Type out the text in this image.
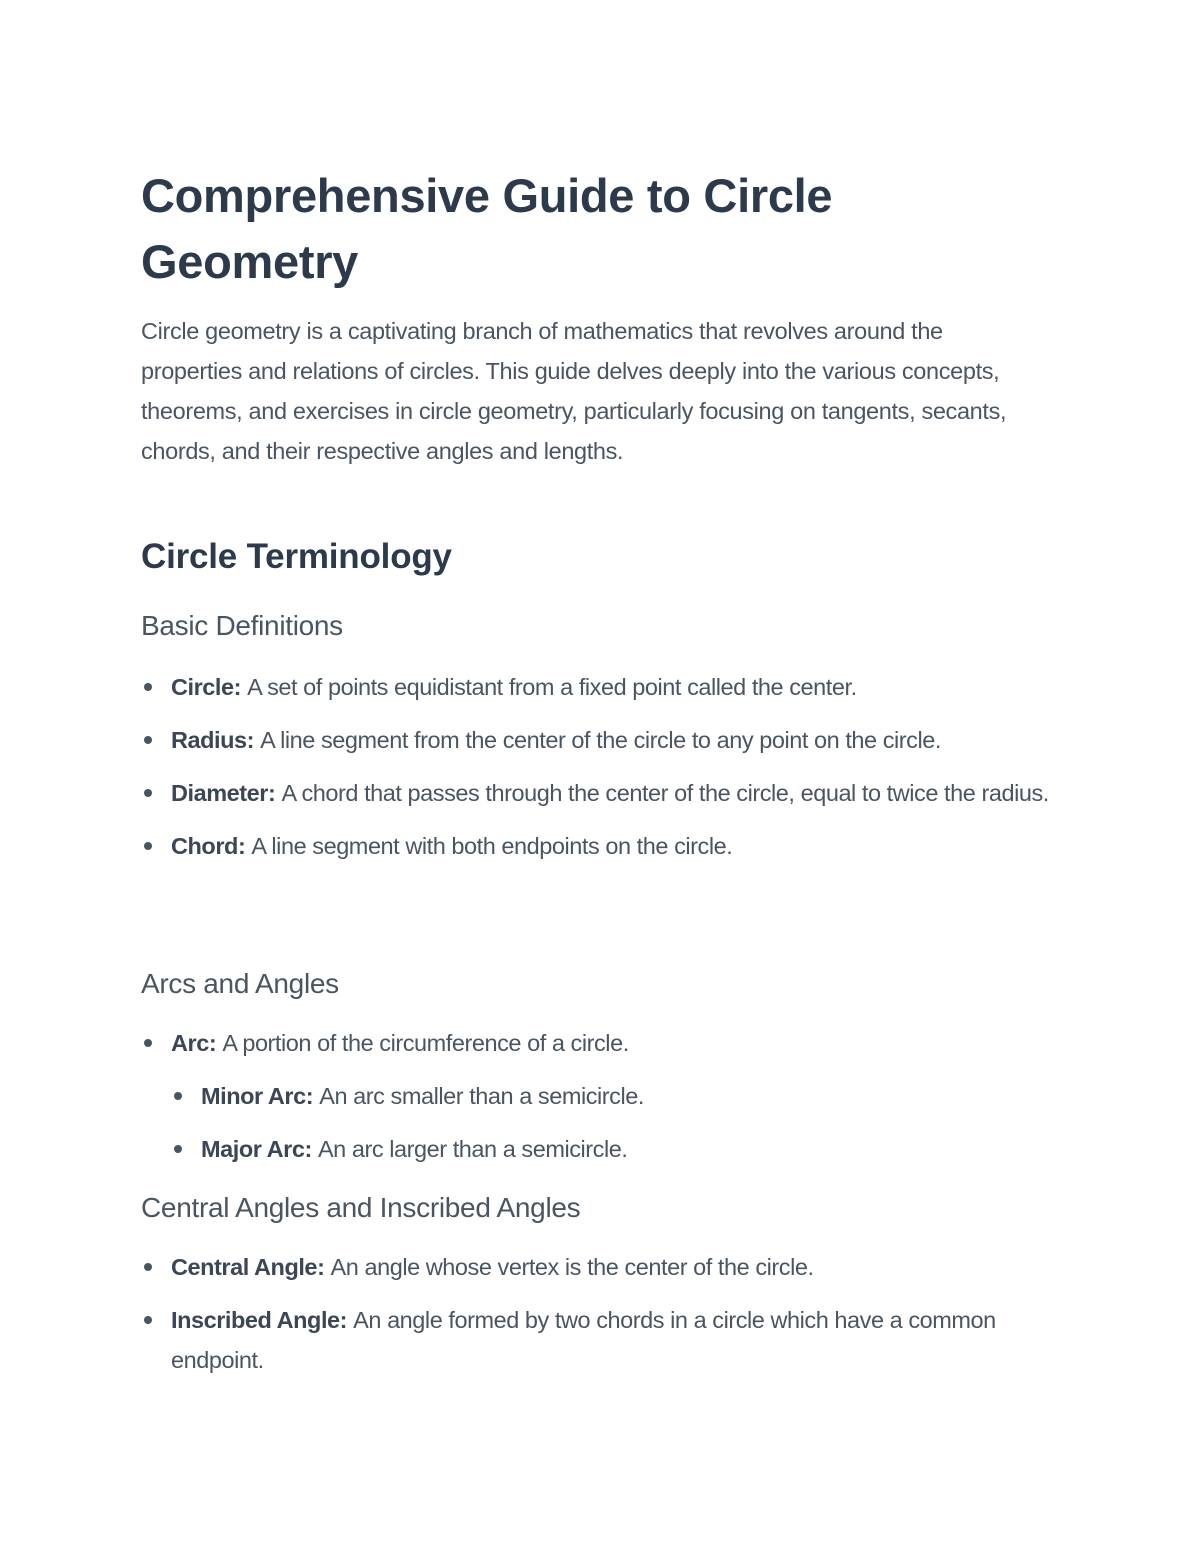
Comprehensive Guide to Circle Geometry

Circle geometry is a captivating branch of mathematics that revolves around the properties and relations of circles. This guide delves deeply into the various concepts, theorems, and exercises in circle geometry, particularly focusing on tangents, secants, chords, and their respective angles and lengths.

Circle Terminology
Basic Definitions
Circle: A set of points equidistant from a fixed point called the center.
Radius: A line segment from the center of the circle to any point on the circle.
Diameter: A chord that passes through the center of the circle, equal to twice the radius.
Chord: A line segment with both endpoints on the circle.
Arcs and Angles
Arc: A portion of the circumference of a circle.
Minor Arc: An arc smaller than a semicircle.
Major Arc: An arc larger than a semicircle.
Central Angles and Inscribed Angles
Central Angle: An angle whose vertex is the center of the circle.
Inscribed Angle: An angle formed by two chords in a circle which have a common endpoint.
